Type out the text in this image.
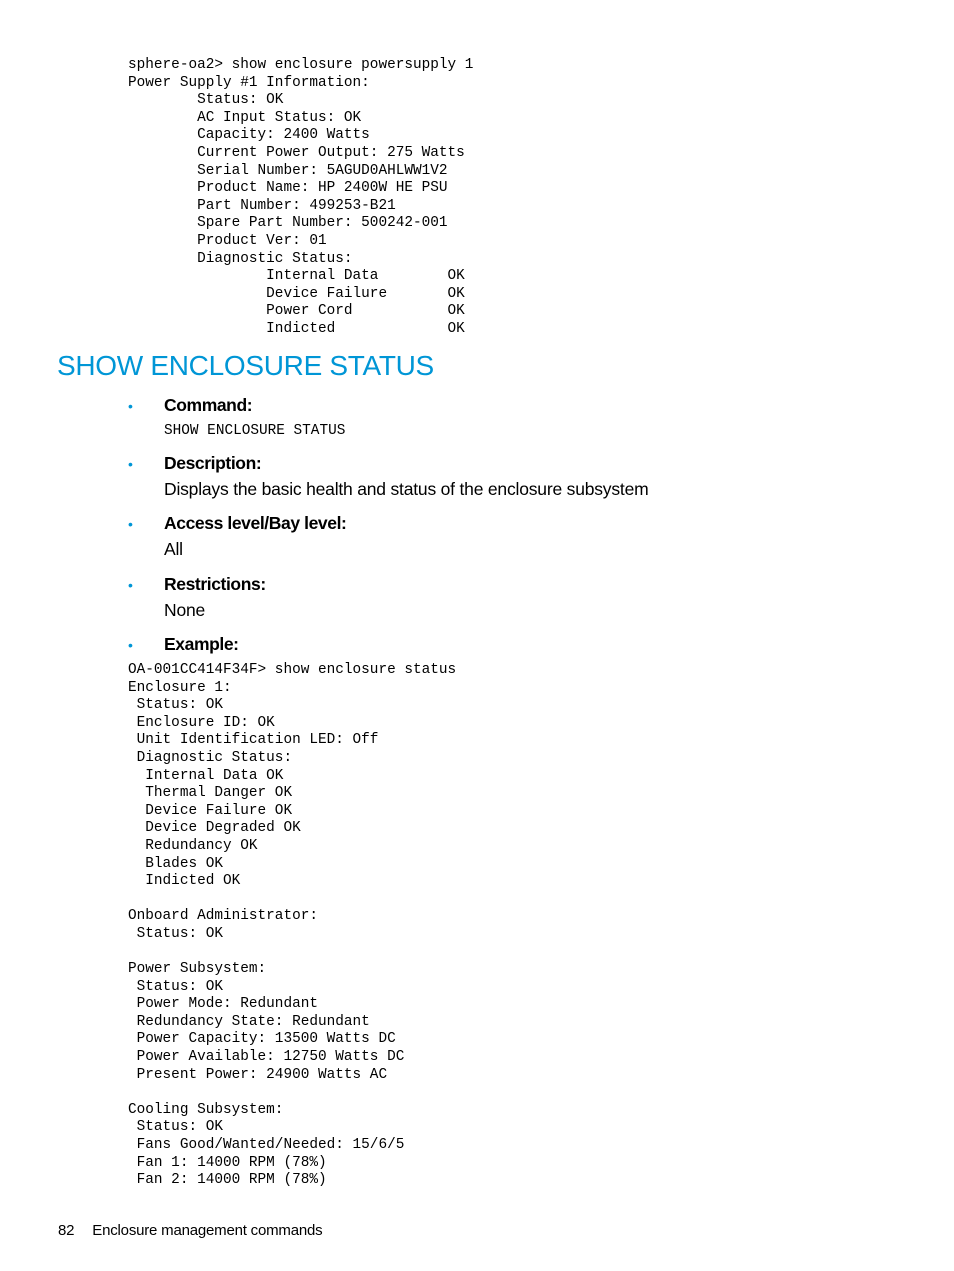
sphere-oa2> show enclosure powersupply 1
Power Supply #1 Information:
Status: OK
AC Input Status: OK
Capacity: 2400 Watts
Current Power Output: 275 Watts
Serial Number: 5AGUD0AHLWW1V2
Product Name: HP 2400W HE PSU
Part Number: 499253-B21
Spare Part Number: 500242-001
Product Ver: 01
Diagnostic Status:
Internal Data        OK
Device Failure       OK
Power Cord           OK
Indicted             OK
SHOW ENCLOSURE STATUS
• Command:
SHOW ENCLOSURE STATUS
• Description:
Displays the basic health and status of the enclosure subsystem
• Access level/Bay level:
All
• Restrictions:
None
• Example:
OA-001CC414F34F> show enclosure status
Enclosure 1:
Status: OK
Enclosure ID: OK
Unit Identification LED: Off
Diagnostic Status:
Internal Data OK
Thermal Danger OK
Device Failure OK
Device Degraded OK
Redundancy OK
Blades OK
Indicted OK

Onboard Administrator:
Status: OK

Power Subsystem:
Status: OK
Power Mode: Redundant
Redundancy State: Redundant
Power Capacity: 13500 Watts DC
Power Available: 12750 Watts DC
Present Power: 24900 Watts AC

Cooling Subsystem:
Status: OK
Fans Good/Wanted/Needed: 15/6/5
Fan 1: 14000 RPM (78%)
Fan 2: 14000 RPM (78%)
82 Enclosure management commands
